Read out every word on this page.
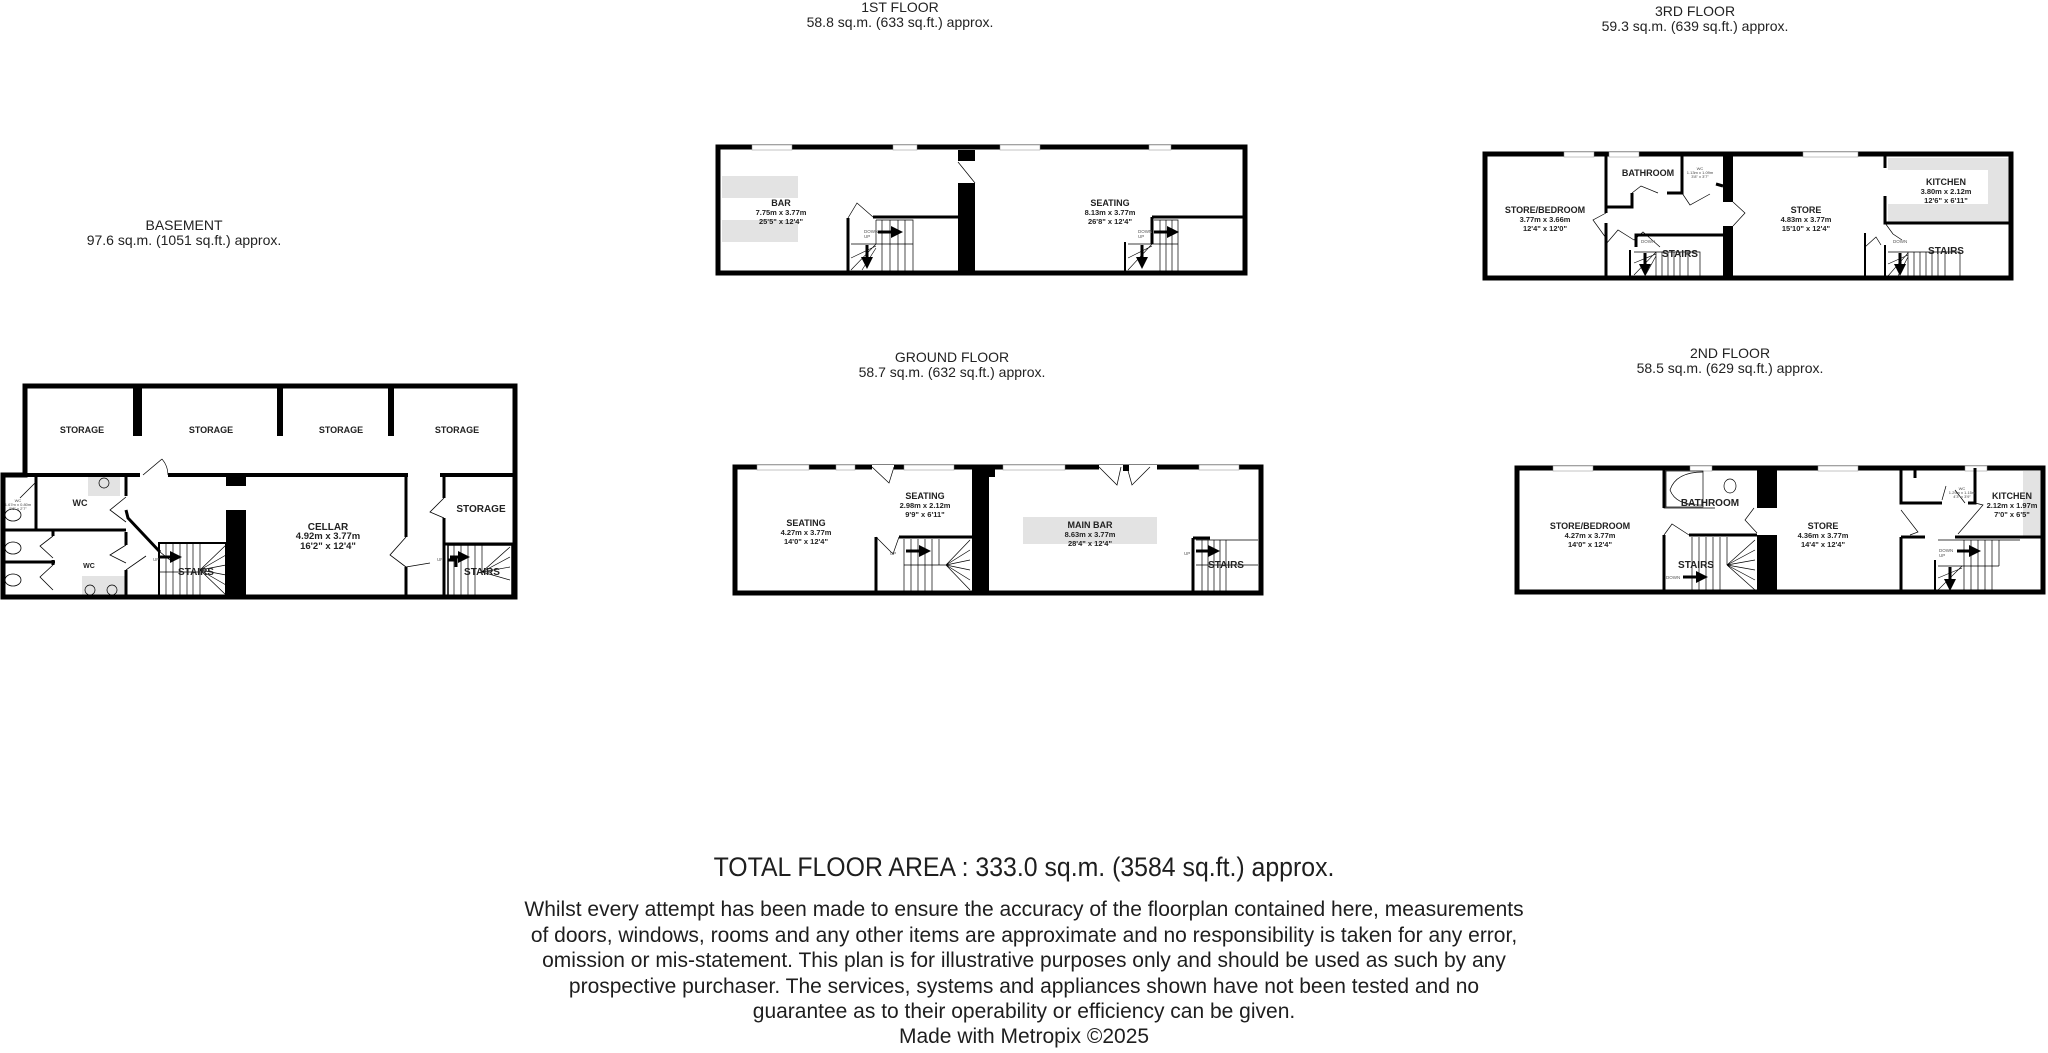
BASEMENT
97.6 sq.m. (1051 sq.ft.) approx.
1ST FLOOR
58.8 sq.m. (633 sq.ft.) approx.
GROUND FLOOR
58.7 sq.m. (632 sq.ft.) approx.
3RD FLOOR
59.3 sq.m. (639 sq.ft.) approx.
2ND FLOOR
58.5 sq.m. (629 sq.ft.) approx.
STORAGE	STORAGE	STORAGE	STORAGE
WC
WC
CELLAR
4.92m x 3.77m
16'2" x 12'4"
STORAGE
STAIRS	STAIRS
WC
1.67m x 0.80m
5'6" x 2'7"
UP	UP
BAR
7.75m x 3.77m
25'5" x 12'4"
SEATING
8.13m x 3.77m
26'8" x 12'4"
DOWN
UP
DOWN
UP
SEATING
4.27m x 3.77m
14'0" x 12'4"
SEATING
2.98m x 2.12m
9'9" x 6'11"
MAIN BAR
8.63m x 3.77m
28'4" x 12'4"
STAIRS
UP	UP
STORE/BEDROOM
3.77m x 3.66m
12'4" x 12'0"
BATHROOM	WC
1.13m x 1.09m
3'8" x 3'7"
STAIRS
STORE
4.83m x 3.77m
15'10" x 12'4"
KITCHEN
3.80m x 2.12m
12'6" x 6'11"
STAIRS
DOWN	DOWN
STORE/BEDROOM
4.27m x 3.77m
14'0" x 12'4"
BATHROOM
STAIRS
STORE
4.36m x 3.77m
14'4" x 12'4"
WC
1.29m x 1.15m
4'3" x 3'9"	KITCHEN
2.12m x 1.97m
7'0" x 6'5"
DOWN
DOWN
UP
TOTAL FLOOR AREA : 333.0 sq.m. (3584 sq.ft.) approx.
Whilst every attempt has been made to ensure the accuracy of the floorplan contained here, measurements of doors, windows, rooms and any other items are approximate and no responsibility is taken for any error, omission or mis-statement. This plan is for illustrative purposes only and should be used as such by any prospective purchaser. The services, systems and appliances shown have not been tested and no guarantee as to their operability or efficiency can be given.
Made with Metropix ©2025
